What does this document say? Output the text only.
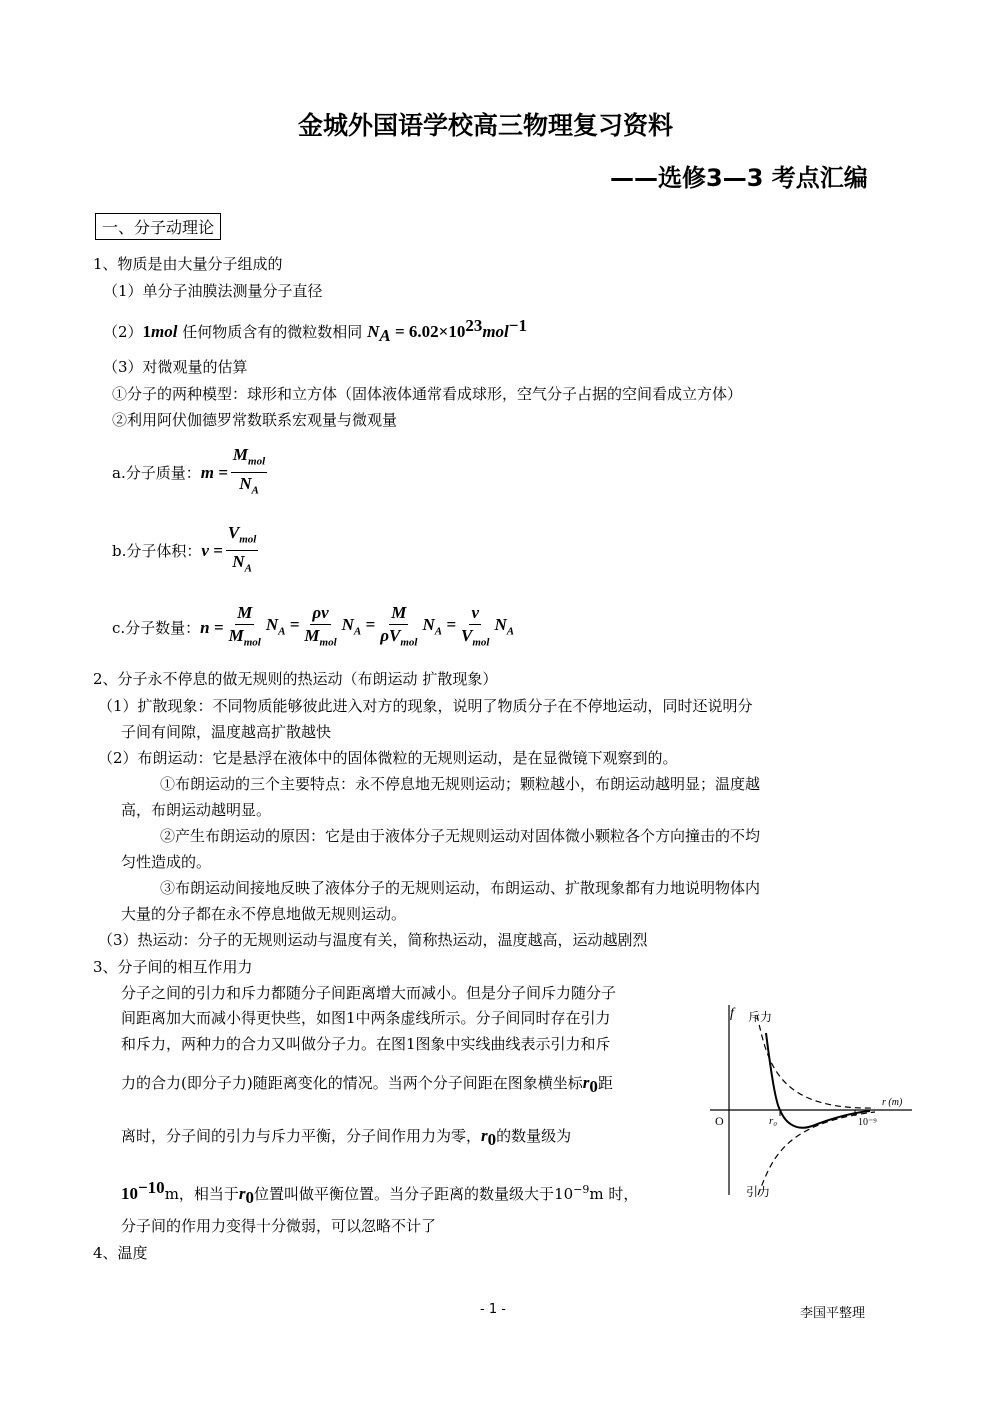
金城外国语学校高三物理复习资料
——选修3—3 考点汇编
一、分子动理论
1、物质是由大量分子组成的
（1）单分子油膜法测量分子直径
（2）1mol 任何物质含有的微粒数相同 $N_A = 6.02\times 10^{23}mol^{-1}$
（3）对微观量的估算
①分子的两种模型：球形和立方体（固体液体通常看成球形，空气分子占据的空间看成立方体）
②利用阿伏伽德罗常数联系宏观量与微观量
a.分子质量： $m = \frac{M_{mol}}{N_A}$
b.分子体积： $v = \frac{V_{mol}}{N_A}$
c.分子数量： $n = \frac{M}{M_{mol}} N_A = \frac{\rho v}{M_{mol}} N_A = \frac{M}{\rho V_{mol}} N_A = \frac{v}{V_{mol}} N_A$
2、分子永不停息的做无规则的热运动（布朗运动 扩散现象）
（1）扩散现象：不同物质能够彼此进入对方的现象，说明了物质分子在不停地运动，同时还说明分
子间有间隙，温度越高扩散越快
（2）布朗运动：它是悬浮在液体中的固体微粒的无规则运动，是在显微镜下观察到的。
①布朗运动的三个主要特点：永不停息地无规则运动；颗粒越小，布朗运动越明显；温度越
高，布朗运动越明显。
②产生布朗运动的原因：它是由于液体分子无规则运动对固体微小颗粒各个方向撞击的不均
匀性造成的。
③布朗运动间接地反映了液体分子的无规则运动，布朗运动、扩散现象都有力地说明物体内
大量的分子都在永不停息地做无规则运动。
（3）热运动：分子的无规则运动与温度有关，简称热运动，温度越高，运动越剧烈
3、分子间的相互作用力
分子之间的引力和斥力都随分子间距离增大而减小。但是分子间斥力随分子
间距离加大而减小得更快些，如图1中两条虚线所示。分子间同时存在引力
和斥力，两种力的合力又叫做分子力。在图1图象中实线曲线表示引力和斥
力的合力(即分子力)随距离变化的情况。当两个分子间距在图象横坐标$r_0$距
离时，分子间的引力与斥力平衡，分子间作用力为零，$r_0$的数量级为
$10^{-10}m$，相当于$r_0$位置叫做平衡位置。当分子距离的数量级大于$10^{-9}m$ 时，
分子间的作用力变得十分微弱，可以忽略不计了
4、温度
f 斥力
引力
r (m)
O	r₀	10⁻⁹
- 1 -	李国平整理
